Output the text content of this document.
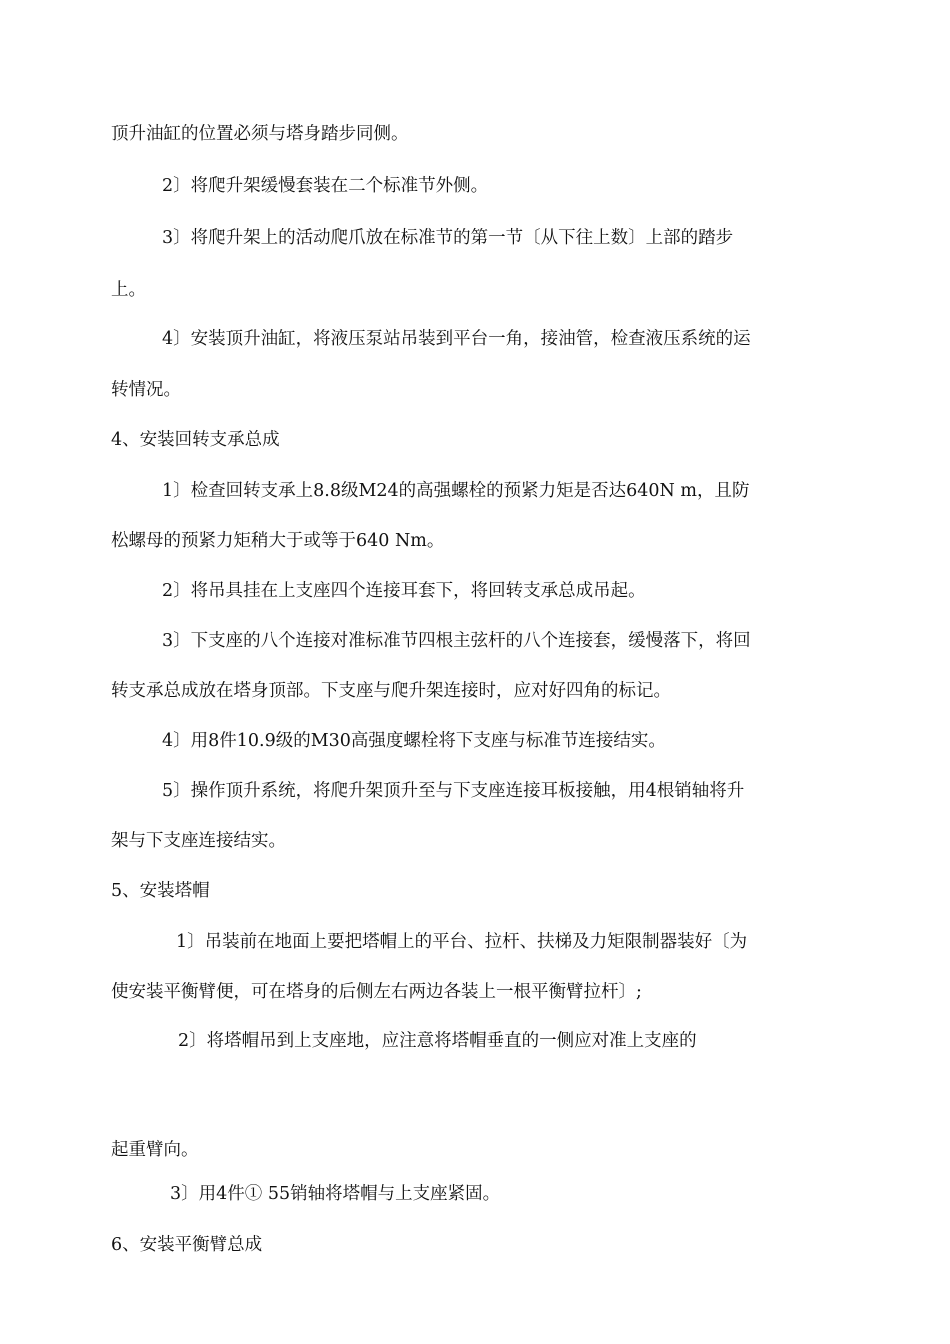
顶升油缸的位置必须与塔身踏步同侧。
2〕将爬升架缓慢套装在二个标准节外侧。
3〕将爬升架上的活动爬爪放在标准节的第一节〔从下往上数〕上部的踏步
上。
4〕安装顶升油缸，将液压泵站吊装到平台一角，接油管，检查液压系统的运
转情况。
4、安装回转支承总成
1〕检查回转支承上8.8级M24的高强螺栓的预紧力矩是否达640N m，且防
松螺母的预紧力矩稍大于或等于640 Nm。
2〕将吊具挂在上支座四个连接耳套下，将回转支承总成吊起。
3〕下支座的八个连接对准标准节四根主弦杆的八个连接套，缓慢落下，将回
转支承总成放在塔身顶部。下支座与爬升架连接时，应对好四角的标记。
4〕用8件10.9级的M30高强度螺栓将下支座与标准节连接结实。
5〕操作顶升系统，将爬升架顶升至与下支座连接耳板接触，用4根销轴将升
架与下支座连接结实。
5、安装塔帽
1〕吊装前在地面上要把塔帽上的平台、拉杆、扶梯及力矩限制器装好〔为
使安装平衡臂便，可在塔身的后侧左右两边各装上一根平衡臂拉杆〕;
2〕将塔帽吊到上支座地，应注意将塔帽垂直的一侧应对准上支座的
起重臂向。
3〕用4件① 55销轴将塔帽与上支座紧固。
6、安装平衡臂总成
